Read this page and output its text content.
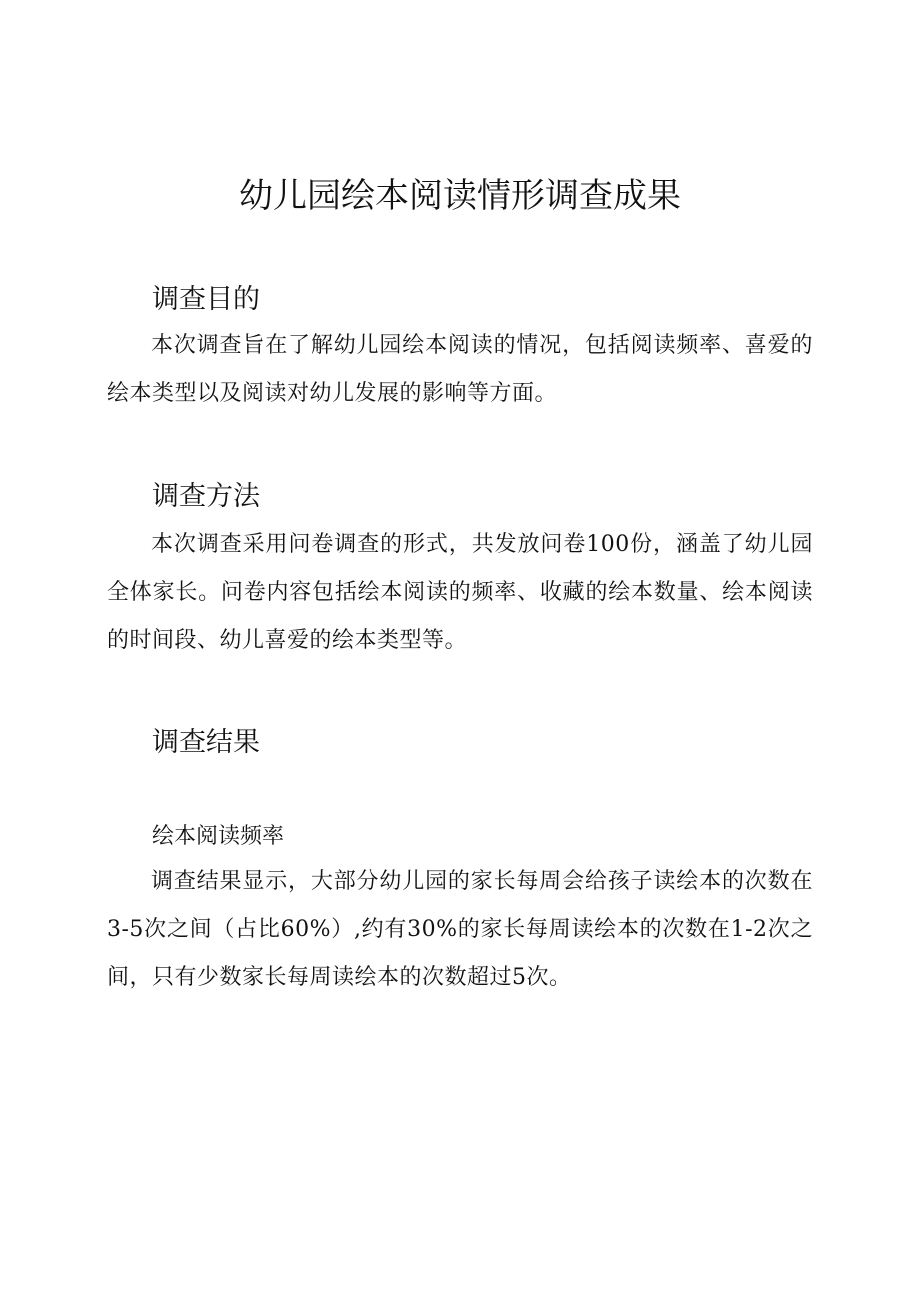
幼儿园绘本阅读情形调查成果
调查目的

本次调查旨在了解幼儿园绘本阅读的情况，包括阅读频率、喜爱的绘本类型以及阅读对幼儿发展的影响等方面。

调查方法

本次调查采用问卷调查的形式，共发放问卷100份，涵盖了幼儿园全体家长。问卷内容包括绘本阅读的频率、收藏的绘本数量、绘本阅读的时间段、幼儿喜爱的绘本类型等。

调查结果
绘本阅读频率

调查结果显示，大部分幼儿园的家长每周会给孩子读绘本的次数在3-5次之间（占比60%）,约有30%的家长每周读绘本的次数在1-2次之间，只有少数家长每周读绘本的次数超过5次。
